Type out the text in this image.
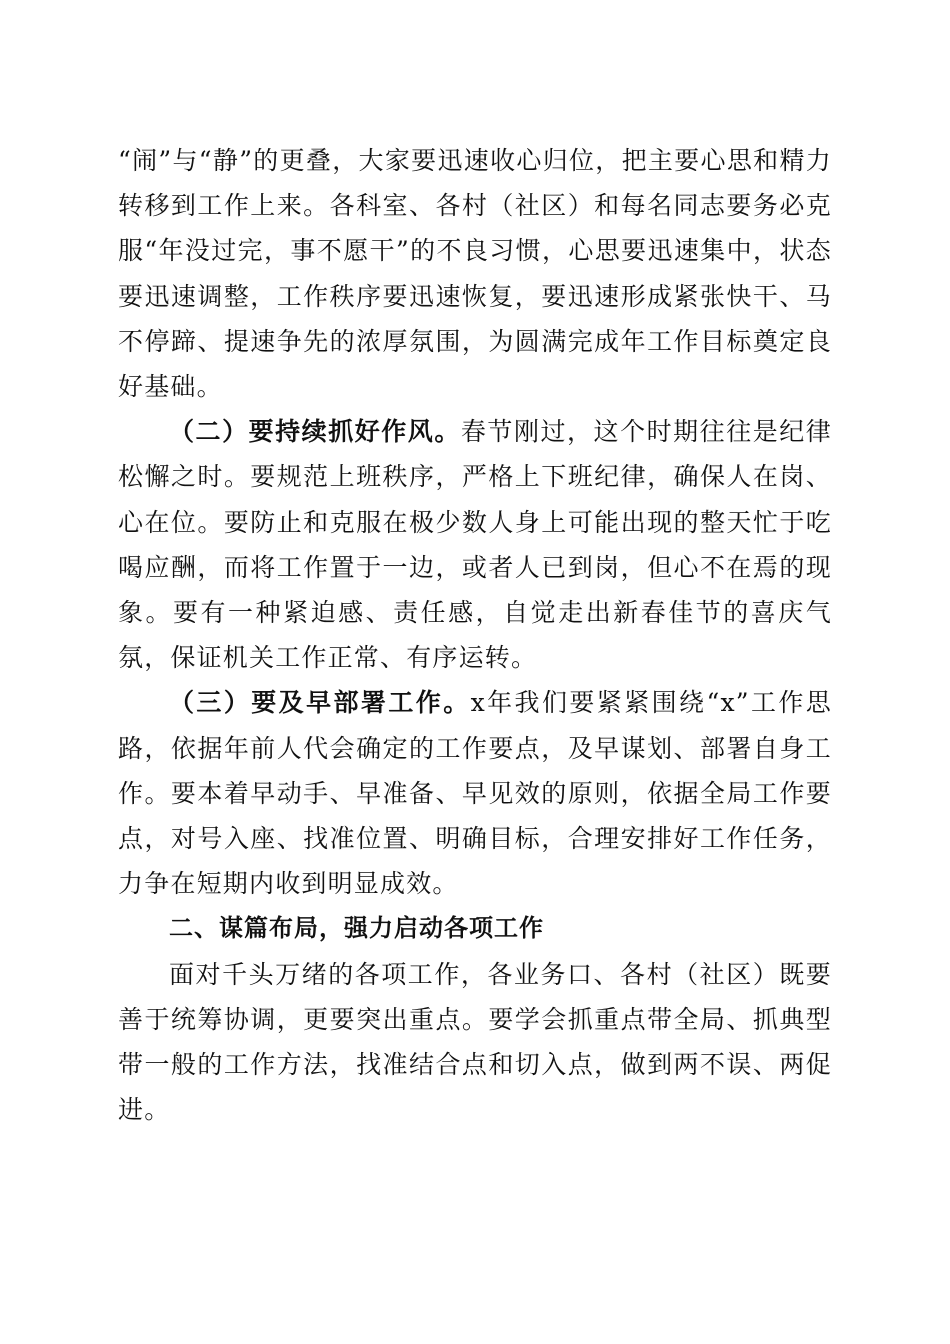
“闹”与“静”的更叠，大家要迅速收心归位，把主要心思和精力转移到工作上来。各科室、各村（社区）和每名同志要务必克服“年没过完，事不愿干”的不良习惯，心思要迅速集中，状态要迅速调整，工作秩序要迅速恢复，要迅速形成紧张快干、马不停蹄、提速争先的浓厚氛围，为圆满完成年工作目标奠定良好基础。

（二）要持续抓好作风。春节刚过，这个时期往往是纪律松懈之时。要规范上班秩序，严格上下班纪律，确保人在岗、心在位。要防止和克服在极少数人身上可能出现的整天忙于吃喝应酬，而将工作置于一边，或者人已到岗，但心不在焉的现象。要有一种紧迫感、责任感，自觉走出新春佳节的喜庆气氛，保证机关工作正常、有序运转。

（三）要及早部署工作。x年我们要紧紧围绕“x”工作思路，依据年前人代会确定的工作要点，及早谋划、部署自身工作。要本着早动手、早准备、早见效的原则，依据全局工作要点，对号入座、找准位置、明确目标，合理安排好工作任务，力争在短期内收到明显成效。

二、谋篇布局，强力启动各项工作

面对千头万绪的各项工作，各业务口、各村（社区）既要善于统筹协调，更要突出重点。要学会抓重点带全局、抓典型带一般的工作方法，找准结合点和切入点，做到两不误、两促进。
